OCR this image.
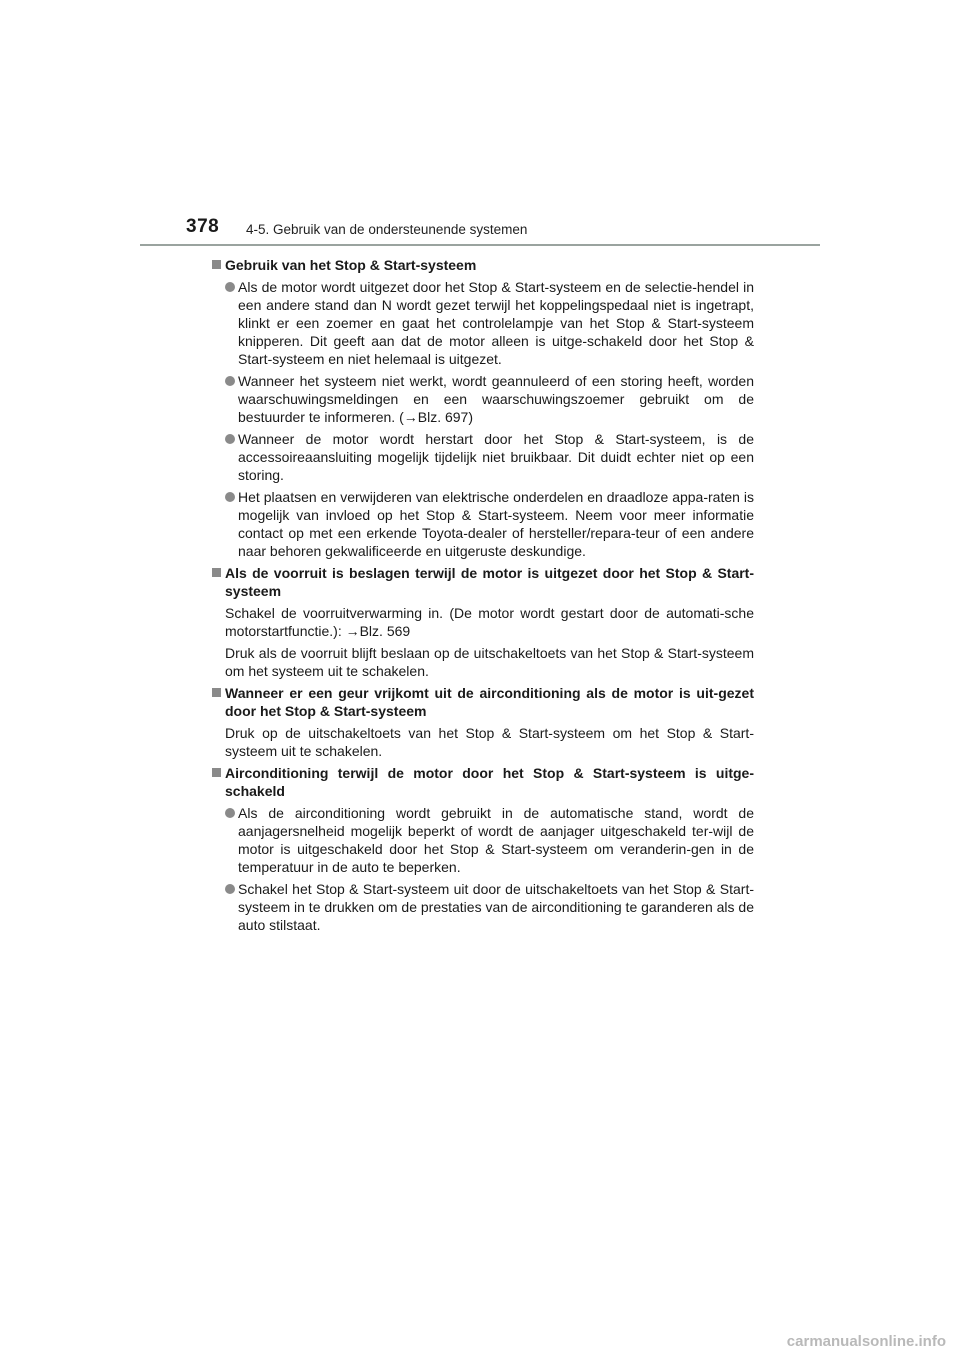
378 4-5. Gebruik van de ondersteunende systemen
Gebruik van het Stop & Start-systeem
Als de motor wordt uitgezet door het Stop & Start-systeem en de selectie-hendel in een andere stand dan N wordt gezet terwijl het koppelingspedaal niet is ingetrapt, klinkt er een zoemer en gaat het controlelampje van het Stop & Start-systeem knipperen. Dit geeft aan dat de motor alleen is uitge-schakeld door het Stop & Start-systeem en niet helemaal is uitgezet.
Wanneer het systeem niet werkt, wordt geannuleerd of een storing heeft, worden waarschuwingsmeldingen en een waarschuwingszoemer gebruikt om de bestuurder te informeren. (→Blz. 697)
Wanneer de motor wordt herstart door het Stop & Start-systeem, is de accessoireaansluiting mogelijk tijdelijk niet bruikbaar. Dit duidt echter niet op een storing.
Het plaatsen en verwijderen van elektrische onderdelen en draadloze appa-raten is mogelijk van invloed op het Stop & Start-systeem. Neem voor meer informatie contact op met een erkende Toyota-dealer of hersteller/repara-teur of een andere naar behoren gekwalificeerde en uitgeruste deskundige.
Als de voorruit is beslagen terwijl de motor is uitgezet door het Stop & Start-systeem
Schakel de voorruitverwarming in. (De motor wordt gestart door de automati-sche motorstartfunctie.): →Blz. 569
Druk als de voorruit blijft beslaan op de uitschakeltoets van het Stop & Start-systeem om het systeem uit te schakelen.
Wanneer er een geur vrijkomt uit de airconditioning als de motor is uit-gezet door het Stop & Start-systeem
Druk op de uitschakeltoets van het Stop & Start-systeem om het Stop & Start-systeem uit te schakelen.
Airconditioning terwijl de motor door het Stop & Start-systeem is uitge-schakeld
Als de airconditioning wordt gebruikt in de automatische stand, wordt de aanjagersnelheid mogelijk beperkt of wordt de aanjager uitgeschakeld ter-wijl de motor is uitgeschakeld door het Stop & Start-systeem om veranderin-gen in de temperatuur in de auto te beperken.
Schakel het Stop & Start-systeem uit door de uitschakeltoets van het Stop & Start-systeem in te drukken om de prestaties van de airconditioning te garanderen als de auto stilstaat.
carmanualsonline.info
